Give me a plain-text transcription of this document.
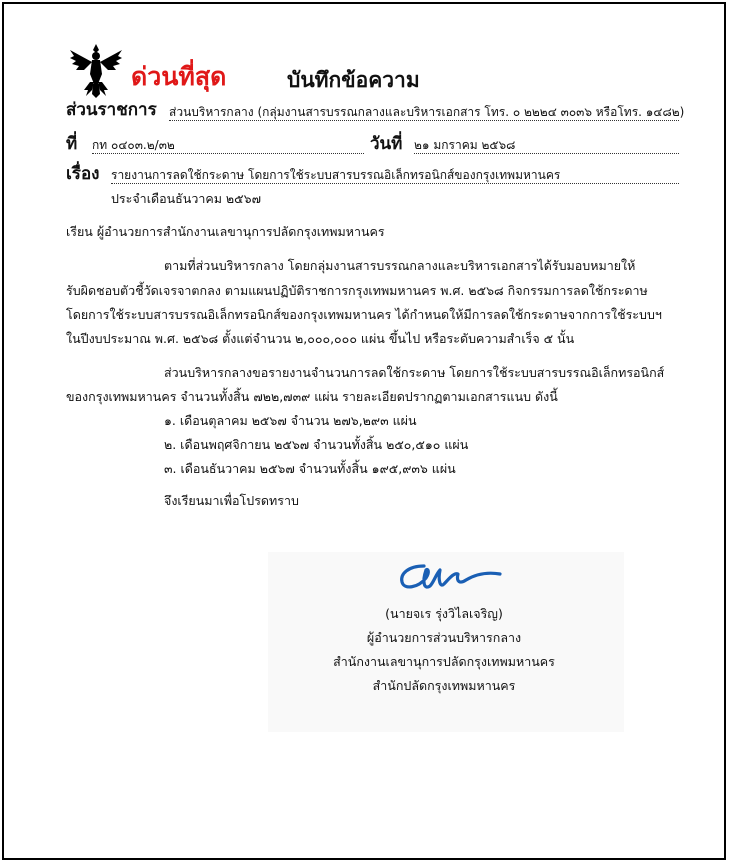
ด่วนที่สุด	บันทึกข้อความ
ส่วนราชการ ส่วนบริหารกลาง (กลุ่มงานสารบรรณกลางและบริหารเอกสาร โทร. ๐ ๒๒๒๔ ๓๐๓๖ หรือโทร. ๑๔๘๒)
ที่ กท ๐๔๐๓.๒/๓๒	วันที่ ๒๑ มกราคม ๒๕๖๘
เรื่อง รายงานการลดใช้กระดาษ โดยการใช้ระบบสารบรรณอิเล็กทรอนิกส์ของกรุงเทพมหานคร
ประจำเดือนธันวาคม ๒๕๖๗
เรียน ผู้อำนวยการสำนักงานเลขานุการปลัดกรุงเทพมหานคร
ตามที่ส่วนบริหารกลาง โดยกลุ่มงานสารบรรณกลางและบริหารเอกสารได้รับมอบหมายให้
รับผิดชอบตัวชี้วัดเจรจาตกลง ตามแผนปฏิบัติราชการกรุงเทพมหานคร พ.ศ. ๒๕๖๘ กิจกรรมการลดใช้กระดาษ
โดยการใช้ระบบสารบรรณอิเล็กทรอนิกส์ของกรุงเทพมหานคร ได้กำหนดให้มีการลดใช้กระดาษจากการใช้ระบบฯ
ในปีงบประมาณ พ.ศ. ๒๕๖๘ ตั้งแต่จำนวน ๒,๐๐๐,๐๐๐ แผ่น ขึ้นไป หรือระดับความสำเร็จ ๕ นั้น
ส่วนบริหารกลางขอรายงานจำนวนการลดใช้กระดาษ โดยการใช้ระบบสารบรรณอิเล็กทรอนิกส์
ของกรุงเทพมหานคร จำนวนทั้งสิ้น ๗๒๒,๗๓๙ แผ่น รายละเอียดปรากฏตามเอกสารแนบ ดังนี้
๑. เดือนตุลาคม ๒๕๖๗ จำนวน ๒๗๖,๒๙๓ แผ่น
๒. เดือนพฤศจิกายน ๒๕๖๗ จำนวนทั้งสิ้น ๒๕๐,๕๑๐ แผ่น
๓. เดือนธันวาคม ๒๕๖๗ จำนวนทั้งสิ้น ๑๙๕,๙๓๖ แผ่น
จึงเรียนมาเพื่อโปรดทราบ
(นายจเร รุ่งวิไลเจริญ)
ผู้อำนวยการส่วนบริหารกลาง
สำนักงานเลขานุการปลัดกรุงเทพมหานคร
สำนักปลัดกรุงเทพมหานคร
